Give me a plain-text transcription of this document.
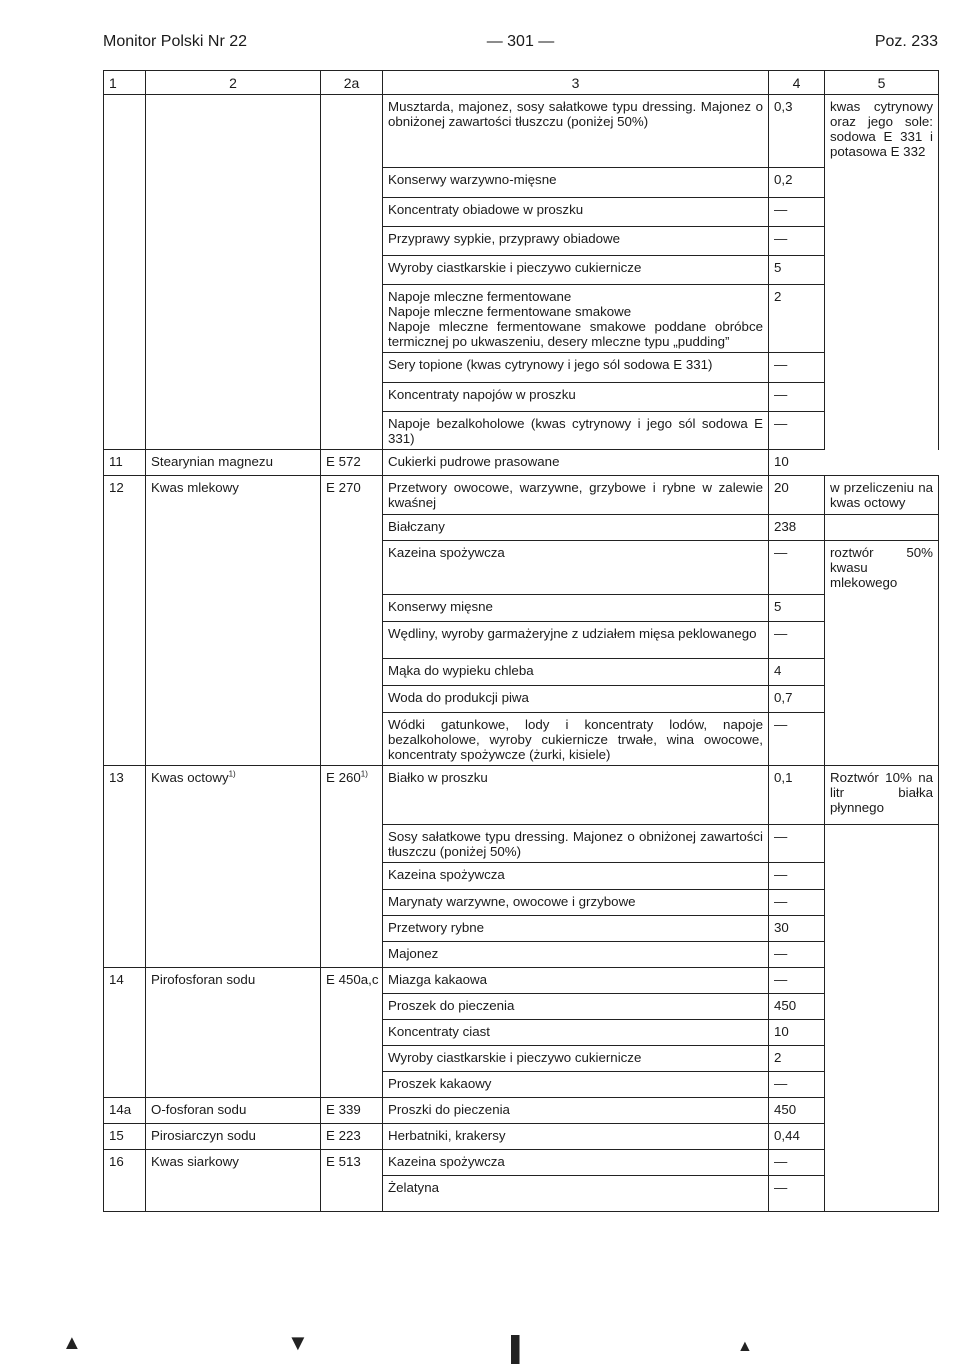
Monitor Polski Nr 22	— 301 —	Poz. 233
1	2	2a	3	4	5
			Musztarda, majonez, sosy sałatkowe typu dressing. Majonez o obniżonej zawartości tłuszczu (poniżej 50%)	0,3	kwas cytrynowy oraz jego sole: sodowa E 331 i potasowa E 332
			Konserwy warzywno-mięsne	0,2	
			Koncentraty obiadowe w proszku	—	
			Przyprawy sypkie, przyprawy obiadowe	—	
			Wyroby ciastkarskie i pieczywo cukiernicze	5	
			Napoje mleczne fermentowane
Napoje mleczne fermentowane smakowe
Napoje mleczne fermentowane smakowe poddane obróbce termicznej po ukwaszeniu, desery mleczne typu „pudding”	2	
			Sery topione (kwas cytrynowy i jego sól sodowa E 331)	—	
			Koncentraty napojów w proszku	—	
			Napoje bezalkoholowe (kwas cytrynowy i jego sól sodowa E 331)	—	
11	Stearynian magnezu	E 572	Cukierki pudrowe prasowane	10	
12	Kwas mlekowy	E 270	Przetwory owocowe, warzywne, grzybowe i rybne w zalewie kwaśnej	20	w przeliczeniu na kwas octowy
			Białczany	238	
			Kazeina spożywcza	—	roztwór 50% kwasu mlekowego
			Konserwy mięsne	5	
			Wędliny, wyroby garmażeryjne z udziałem mięsa peklowanego	—	
			Mąka do wypieku chleba	4	
			Woda do produkcji piwa	0,7	
			Wódki gatunkowe, lody i koncentraty lodów, napoje bezalkoholowe, wyroby cukiernicze trwałe, wina owocowe, koncentraty spożywcze (żurki, kisiele)	—	
13	Kwas octowy$^{1)}$	E 260$^{1)}$	Białko w proszku	0,1	Roztwór 10% na litr białka płynnego
			Sosy sałatkowe typu dressing. Majonez o obniżonej zawartości tłuszczu (poniżej 50%)	—	
			Kazeina spożywcza	—	
			Marynaty warzywne, owocowe i grzybowe	—	
			Przetwory rybne	30	
			Majonez	—	
14	Pirofosforan sodu	E 450a,c	Miazga kakaowa	—	
			Proszek do pieczenia	450	
			Koncentraty ciast	10	
			Wyroby ciastkarskie i pieczywo cukiernicze	2	
			Proszek kakaowy	—	
14a	O-fosforan sodu	E 339	Proszki do pieczenia	450	
15	Pirosiarczyn sodu	E 223	Herbatniki, krakersy	0,44	
16	Kwas siarkowy	E 513	Kazeina spożywcza	—	
			Żelatyna	—	
▲	▼	▌	▲
